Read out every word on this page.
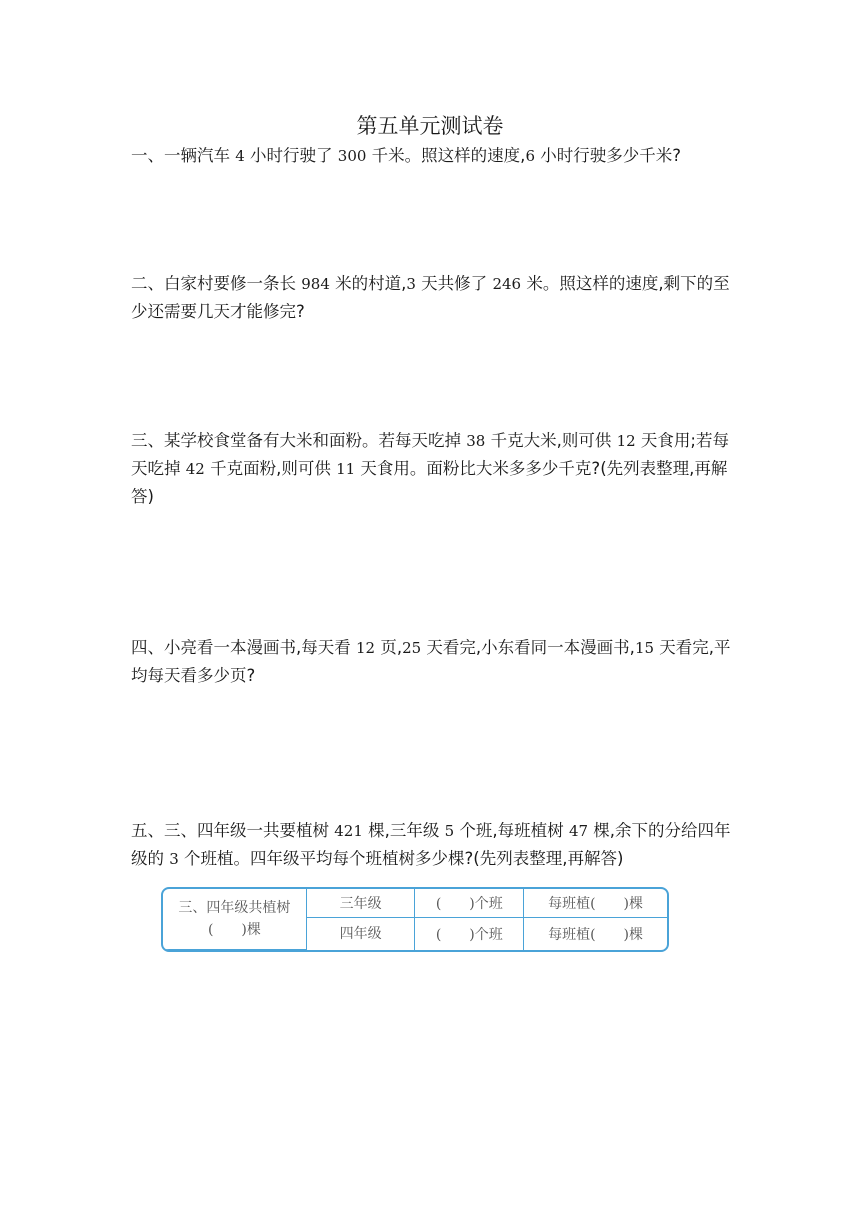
第五单元测试卷

一、一辆汽车 4 小时行驶了 300 千米。照这样的速度,6 小时行驶多少千米?

二、白家村要修一条长 984 米的村道,3 天共修了 246 米。照这样的速度,剩下的至少还需要几天才能修完?

三、某学校食堂备有大米和面粉。若每天吃掉 38 千克大米,则可供 12 天食用;若每天吃掉 42 千克面粉,则可供 11 天食用。面粉比大米多多少千克?(先列表整理,再解答)

四、小亮看一本漫画书,每天看 12 页,25 天看完,小东看同一本漫画书,15 天看完,平均每天看多少页?

五、三、四年级一共要植树 421 棵,三年级 5 个班,每班植树 47 棵,余下的分给四年级的 3 个班植。四年级平均每个班植树多少棵?(先列表整理,再解答)

三、四年级共植树(　　)棵	三年级	(　　)个班	每班植(　　)棵
	四年级	(　　)个班	每班植(　　)棵
